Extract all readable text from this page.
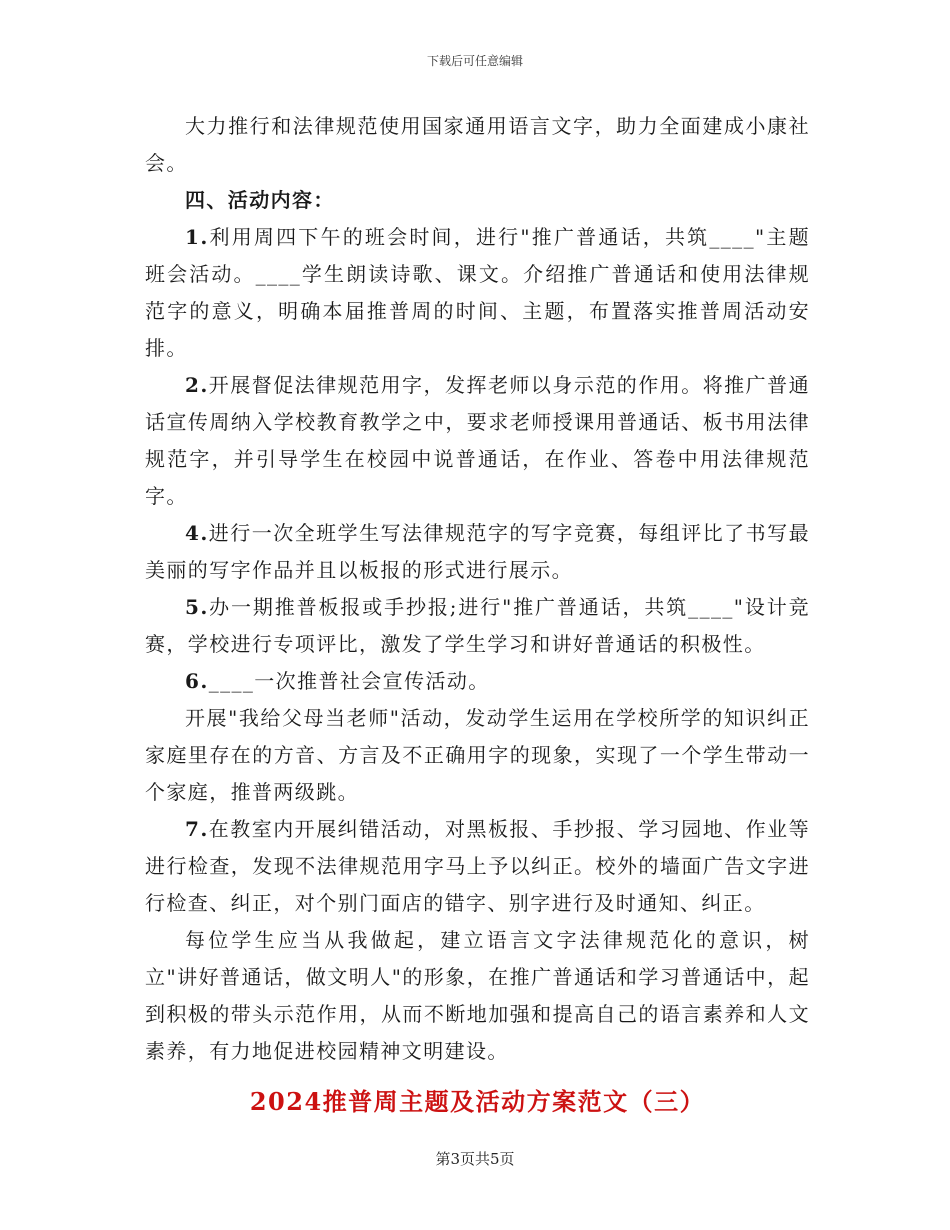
下载后可任意编辑

大力推行和法律规范使用国家通用语言文字，助力全面建成小康社会。

四、活动内容：

1.利用周四下午的班会时间，进行"推广普通话，共筑____"主题班会活动。____学生朗读诗歌、课文。介绍推广普通话和使用法律规范字的意义，明确本届推普周的时间、主题，布置落实推普周活动安排。

2.开展督促法律规范用字，发挥老师以身示范的作用。将推广普通话宣传周纳入学校教育教学之中，要求老师授课用普通话、板书用法律规范字，并引导学生在校园中说普通话，在作业、答卷中用法律规范字。

4.进行一次全班学生写法律规范字的写字竞赛，每组评比了书写最美丽的写字作品并且以板报的形式进行展示。

5.办一期推普板报或手抄报;进行"推广普通话，共筑____"设计竞赛，学校进行专项评比，激发了学生学习和讲好普通话的积极性。

6.____一次推普社会宣传活动。

开展"我给父母当老师"活动，发动学生运用在学校所学的知识纠正家庭里存在的方音、方言及不正确用字的现象，实现了一个学生带动一个家庭，推普两级跳。

7.在教室内开展纠错活动，对黑板报、手抄报、学习园地、作业等进行检查，发现不法律规范用字马上予以纠正。校外的墙面广告文字进行检查、纠正，对个别门面店的错字、别字进行及时通知、纠正。

每位学生应当从我做起，建立语言文字法律规范化的意识，树立"讲好普通话，做文明人"的形象，在推广普通话和学习普通话中，起到积极的带头示范作用，从而不断地加强和提高自己的语言素养和人文素养，有力地促进校园精神文明建设。

2024推普周主题及活动方案范文（三）
第3页共5页
